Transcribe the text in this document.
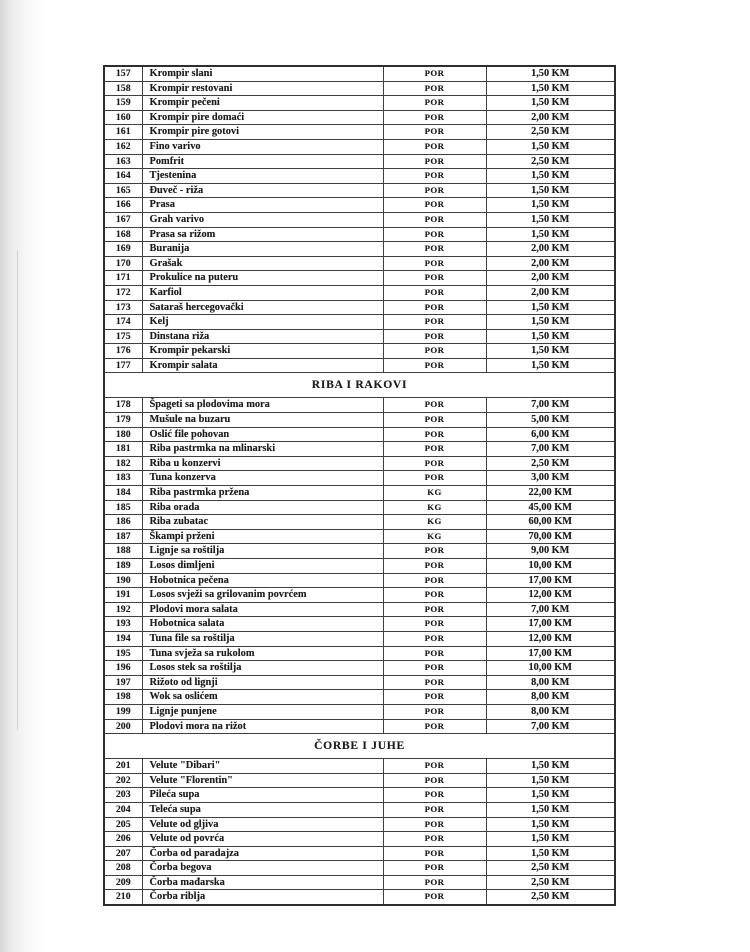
157	Krompir slani	POR	1,50 KM
158	Krompir restovani	POR	1,50 KM
159	Krompir pečeni	POR	1,50 KM
160	Krompir pire domaći	POR	2,00 KM
161	Krompir pire gotovi	POR	2,50 KM
162	Fino varivo	POR	1,50 KM
163	Pomfrit	POR	2,50 KM
164	Tjestenina	POR	1,50 KM
165	Đuveč - riža	POR	1,50 KM
166	Prasa	POR	1,50 KM
167	Grah varivo	POR	1,50 KM
168	Prasa sa rižom	POR	1,50 KM
169	Buranija	POR	2,00 KM
170	Grašak	POR	2,00 KM
171	Prokulice na puteru	POR	2,00 KM
172	Karfiol	POR	2,00 KM
173	Sataraš hercegovački	POR	1,50 KM
174	Kelj	POR	1,50 KM
175	Dinstana riža	POR	1,50 KM
176	Krompir pekarski	POR	1,50 KM
177	Krompir salata	POR	1,50 KM
RIBA I RAKOVI			
178	Špageti sa plodovima mora	POR	7,00 KM
179	Mušule na buzaru	POR	5,00 KM
180	Oslić file pohovan	POR	6,00 KM
181	Riba pastrmka na mlinarski	POR	7,00 KM
182	Riba u konzervi	POR	2,50 KM
183	Tuna konzerva	POR	3,00 KM
184	Riba pastrmka pržena	KG	22,00 KM
185	Riba orada	KG	45,00 KM
186	Riba zubatac	KG	60,00 KM
187	Škampi prženi	KG	70,00 KM
188	Lignje sa roštilja	POR	9,00 KM
189	Losos dimljeni	POR	10,00 KM
190	Hobotnica pečena	POR	17,00 KM
191	Losos svježi sa grilovanim povrćem	POR	12,00 KM
192	Plodovi mora salata	POR	7,00 KM
193	Hobotnica salata	POR	17,00 KM
194	Tuna file sa roštilja	POR	12,00 KM
195	Tuna svježa sa rukolom	POR	17,00 KM
196	Losos stek sa roštilja	POR	10,00 KM
197	Rižoto od lignji	POR	8,00 KM
198	Wok sa oslićem	POR	8,00 KM
199	Lignje punjene	POR	8,00 KM
200	Plodovi mora na rižot	POR	7,00 KM
ČORBE I JUHE			
201	Velute "Dibari"	POR	1,50 KM
202	Velute "Florentin"	POR	1,50 KM
203	Pileća supa	POR	1,50 KM
204	Teleća supa	POR	1,50 KM
205	Velute od gljiva	POR	1,50 KM
206	Velute od povrća	POR	1,50 KM
207	Čorba od paradajza	POR	1,50 KM
208	Čorba begova	POR	2,50 KM
209	Čorba mađarska	POR	2,50 KM
210	Čorba riblja	POR	2,50 KM
